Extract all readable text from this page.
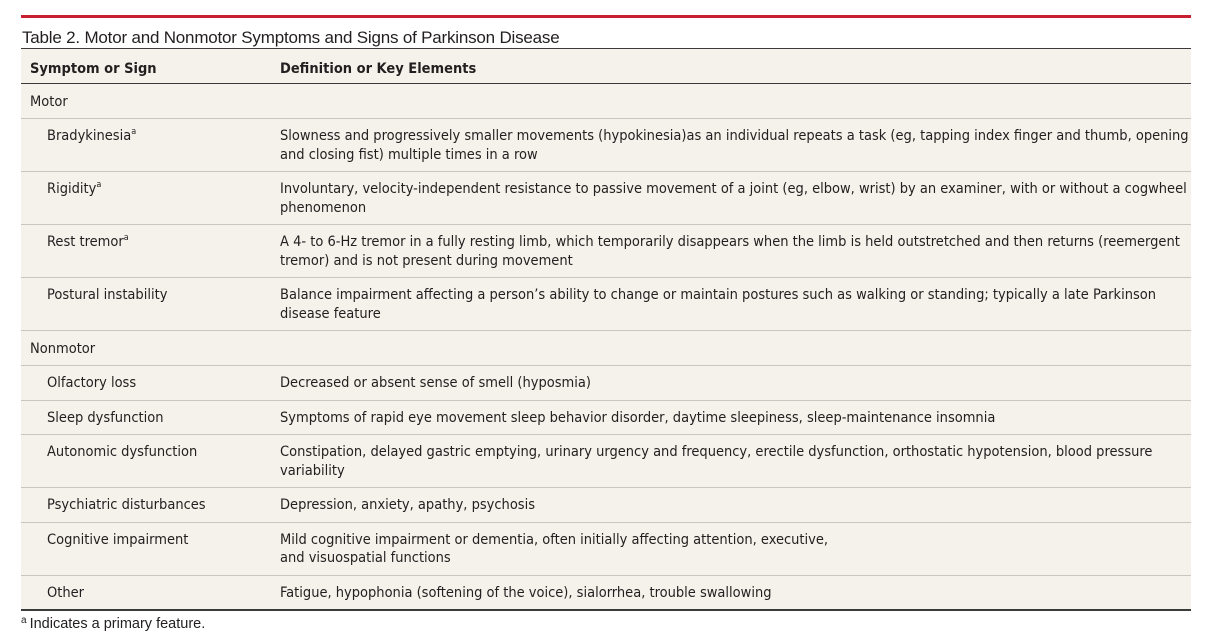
Table 2. Motor and Nonmotor Symptoms and Signs of Parkinson Disease
Symptom or Sign	Definition or Key Elements
Motor	
Bradykinesia$^a$	Slowness and progressively smaller movements (hypokinesia)as an individual repeats a task (eg, tapping index finger and thumb, opening and closing fist) multiple times in a row
Rigidity$^a$	Involuntary, velocity-independent resistance to passive movement of a joint (eg, elbow, wrist) by an examiner, with or without a cogwheel phenomenon
Rest tremor$^a$	A 4- to 6-Hz tremor in a fully resting limb, which temporarily disappears when the limb is held outstretched and then returns (reemergent tremor) and is not present during movement
Postural instability	Balance impairment affecting a person’s ability to change or maintain postures such as walking or standing; typically a late Parkinson disease feature
Nonmotor	
Olfactory loss	Decreased or absent sense of smell (hyposmia)
Sleep dysfunction	Symptoms of rapid eye movement sleep behavior disorder, daytime sleepiness, sleep-maintenance insomnia
Autonomic dysfunction	Constipation, delayed gastric emptying, urinary urgency and frequency, erectile dysfunction, orthostatic hypotension, blood pressure variability
Psychiatric disturbances	Depression, anxiety, apathy, psychosis
Cognitive impairment	Mild cognitive impairment or dementia, often initially affecting attention, executive,
and visuospatial functions
Other	Fatigue, hypophonia (softening of the voice), sialorrhea, trouble swallowing
$^a$ Indicates a primary feature.
